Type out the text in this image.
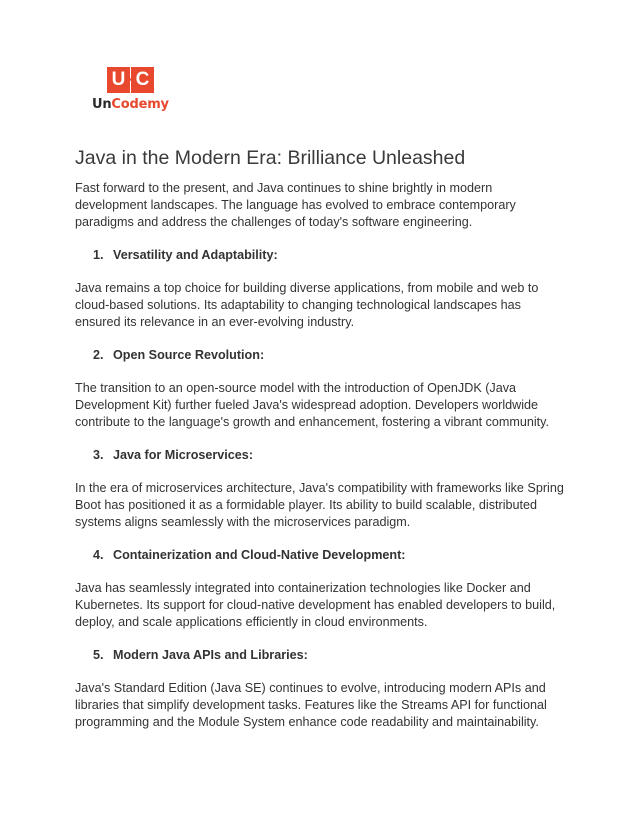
U C
UnCodemy
Java in the Modern Era: Brilliance Unleashed

Fast forward to the present, and Java continues to shine brightly in modern development landscapes. The language has evolved to embrace contemporary paradigms and address the challenges of today's software engineering.

1. Versatility and Adaptability:

Java remains a top choice for building diverse applications, from mobile and web to cloud-based solutions. Its adaptability to changing technological landscapes has ensured its relevance in an ever-evolving industry.

2. Open Source Revolution:

The transition to an open-source model with the introduction of OpenJDK (Java Development Kit) further fueled Java's widespread adoption. Developers worldwide contribute to the language's growth and enhancement, fostering a vibrant community.

3. Java for Microservices:

In the era of microservices architecture, Java's compatibility with frameworks like Spring Boot has positioned it as a formidable player. Its ability to build scalable, distributed systems aligns seamlessly with the microservices paradigm.

4. Containerization and Cloud-Native Development:

Java has seamlessly integrated into containerization technologies like Docker and Kubernetes. Its support for cloud-native development has enabled developers to build, deploy, and scale applications efficiently in cloud environments.

5. Modern Java APIs and Libraries:

Java's Standard Edition (Java SE) continues to evolve, introducing modern APIs and libraries that simplify development tasks. Features like the Streams API for functional programming and the Module System enhance code readability and maintainability.
